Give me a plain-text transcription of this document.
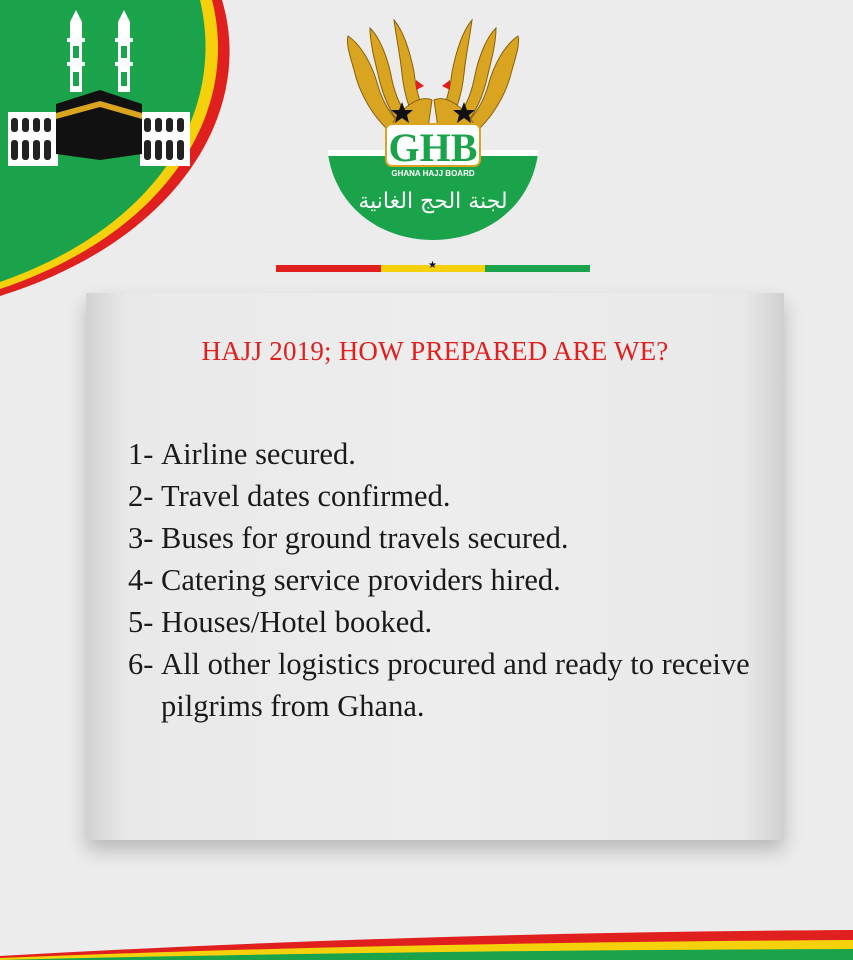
GHB
GHANA HAJJ BOARD
لجنة الحج الغانية
★
HAJJ 2019; HOW PREPARED ARE WE?
1- Airline secured.
2- Travel dates confirmed.
3- Buses for ground travels secured.
4- Catering service providers hired.
5- Houses/Hotel booked.
6- All other logistics procured and ready to receive pilgrims from Ghana.
